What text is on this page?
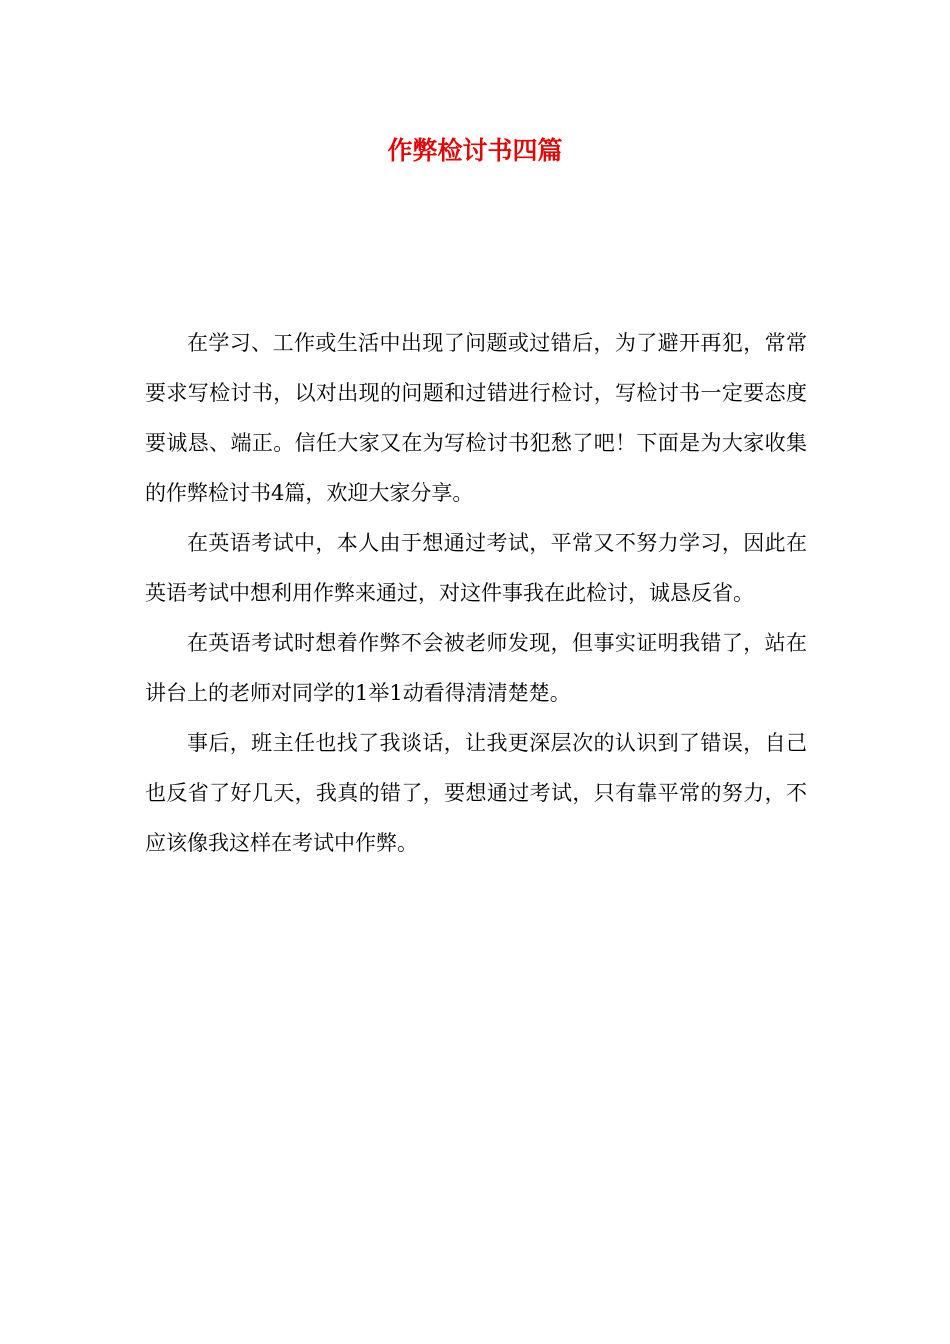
作弊检讨书四篇

在学习、工作或生活中出现了问题或过错后，为了避开再犯，常常要求写检讨书，以对出现的问题和过错进行检讨，写检讨书一定要态度要诚恳、端正。信任大家又在为写检讨书犯愁了吧！下面是为大家收集的作弊检讨书4篇，欢迎大家分享。

在英语考试中，本人由于想通过考试，平常又不努力学习，因此在英语考试中想利用作弊来通过，对这件事我在此检讨，诚恳反省。

在英语考试时想着作弊不会被老师发现，但事实证明我错了，站在讲台上的老师对同学的1举1动看得清清楚楚。

事后，班主任也找了我谈话，让我更深层次的认识到了错误，自己也反省了好几天，我真的错了，要想通过考试，只有靠平常的努力，不应该像我这样在考试中作弊。
